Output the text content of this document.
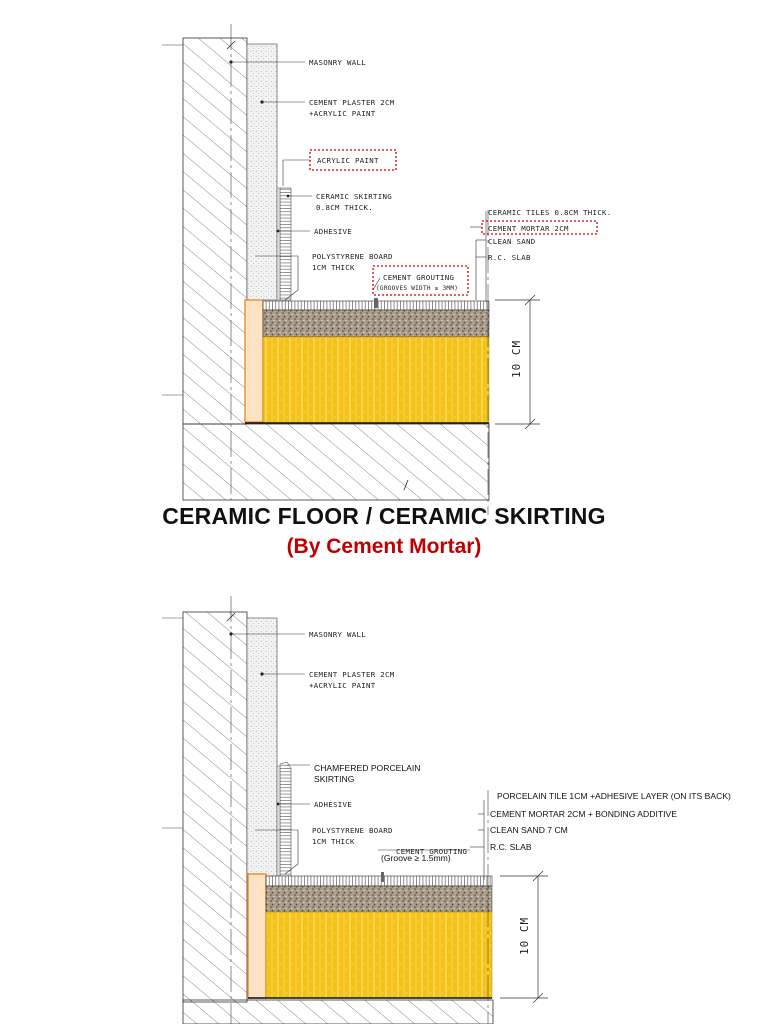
MASONRY WALL
CEMENT PLASTER 2CM
+ACRYLIC PAINT
ACRYLIC PAINT
CERAMIC SKIRTING
0.8CM THICK.
ADHESIVE
POLYSTYRENE BOARD
1CM THICK
CEMENT GROUTING
(GROOVES WIDTH ≥ 3MM)
CERAMIC TILES 0.8CM THICK.
CEMENT MORTAR 2CM
CLEAN SAND
R.C. SLAB
10 CM
MASONRY WALL
CEMENT PLASTER 2CM
+ACRYLIC PAINT
CHAMFERED PORCELAIN
SKIRTING
ADHESIVE
POLYSTYRENE BOARD
1CM THICK
CEMENT GROUTING
(Groove ≥ 1.5mm)
PORCELAIN TILE 1CM +ADHESIVE LAYER (ON ITS BACK)
CEMENT MORTAR 2CM + BONDING ADDITIVE
CLEAN SAND 7 CM
R.C. SLAB
10 CM
CERAMIC FLOOR / CERAMIC SKIRTING
(By Cement Mortar)
